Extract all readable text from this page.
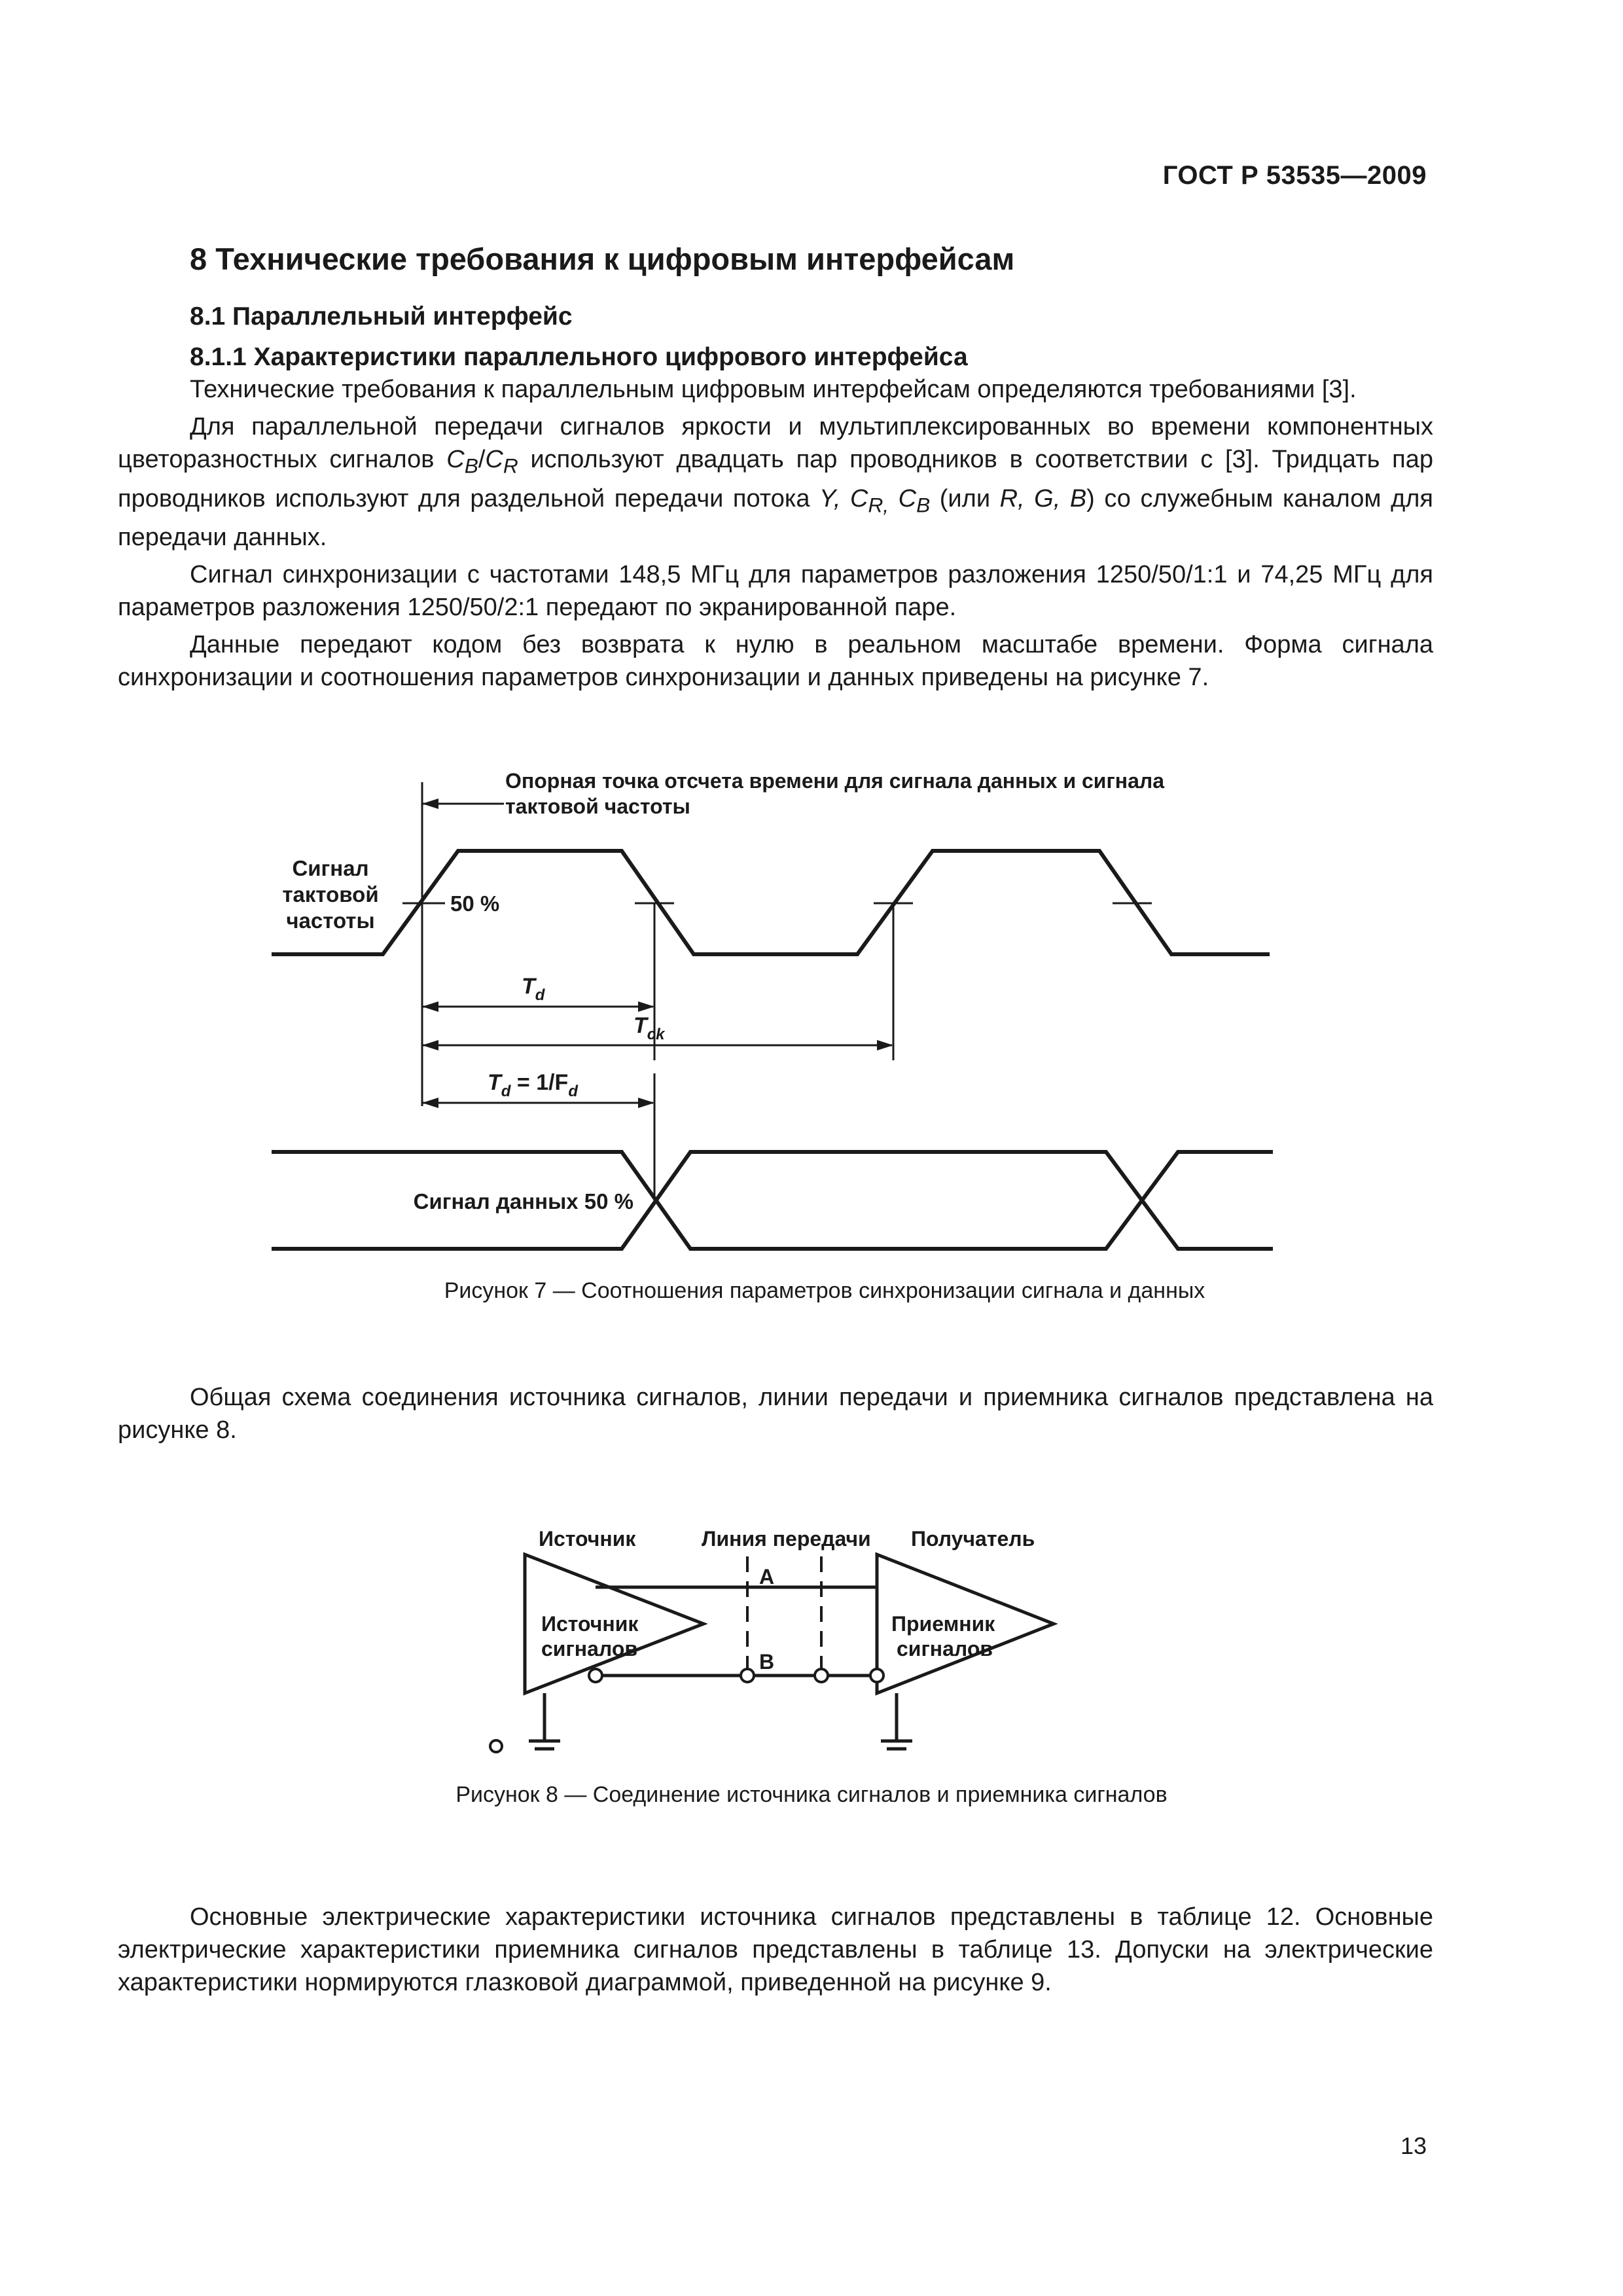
ГОСТ Р 53535—2009
8 Технические требования к цифровым интерфейсам
8.1 Параллельный интерфейс
8.1.1 Характеристики параллельного цифрового интерфейса

Технические требования к параллельным цифровым интерфейсам определяются требованиями [3].

Для параллельной передачи сигналов яркости и мультиплексированных во времени компонентных цветоразностных сигналов $C_B/C_R$ используют двадцать пар проводников в соответствии с [3]. Тридцать пар проводников используют для раздельной передачи потока Y, $C_{R,}$ $C_B$ (или R, G, B) со служебным каналом для передачи данных.

Сигнал синхронизации с частотами 148,5 МГц для параметров разложения 1250/50/1:1 и 74,25 МГц для параметров разложения 1250/50/2:1 передают по экранированной паре.

Данные передают кодом без возврата к нулю в реальном масштабе времени. Форма сигнала синхронизации и соотношения параметров синхронизации и данных приведены на рисунке 7.

Опорная точка отсчета времени для сигнала данных и сигнала
тактовой частоты
Сигнал
тактовой
частоты
50 %
$T_d$
$T_{ck}$
$T_d = 1/F_d$
Сигнал данных 50 %
Рисунок 7 — Соотношения параметров синхронизации сигнала и данных

Общая схема соединения источника сигналов, линии передачи и приемника сигналов представлена на рисунке 8.

Источник	Линия передачи Получатель
Источник
сигналов
Приемник
сигналов
A
B
Рисунок 8 — Соединение источника сигналов и приемника сигналов

Основные электрические характеристики источника сигналов представлены в таблице 12. Основные электрические характеристики приемника сигналов представлены в таблице 13. Допуски на электрические характеристики нормируются глазковой диаграммой, приведенной на рисунке 9.

13
